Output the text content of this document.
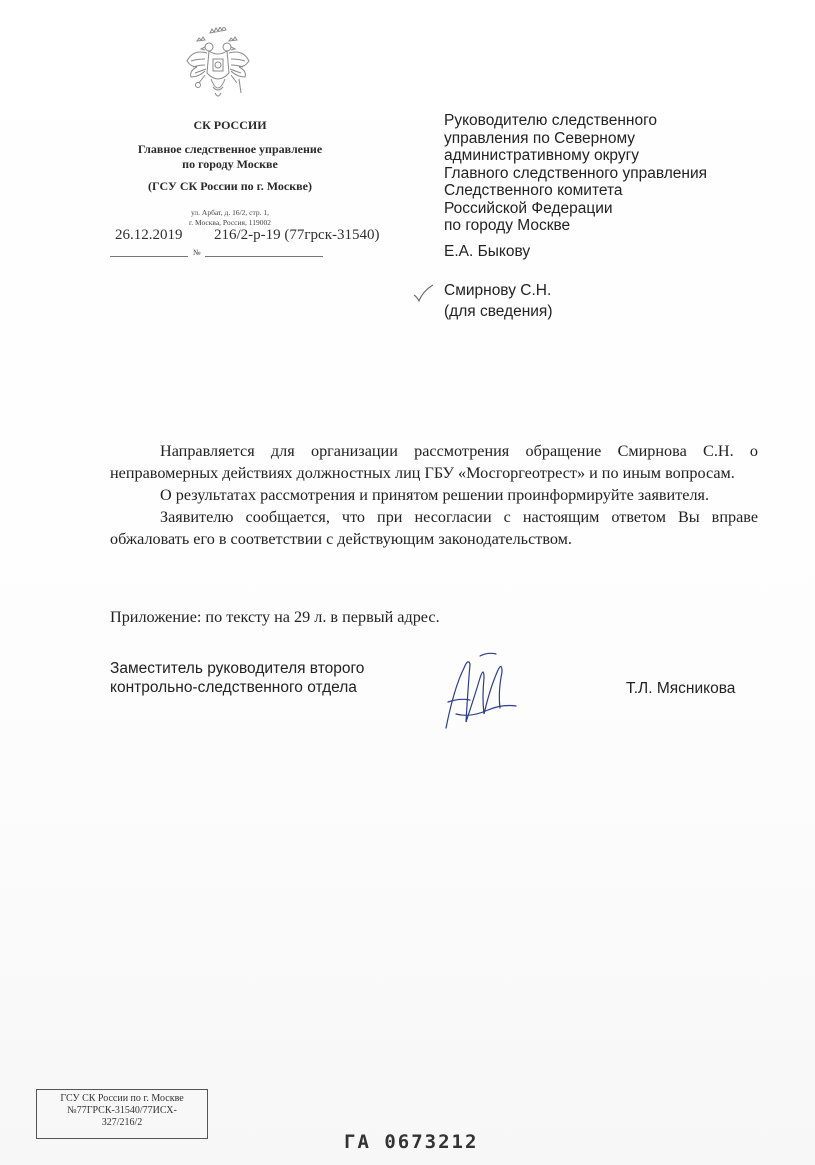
СК РОССИИ
Главное следственное управление
по городу Москве
(ГСУ СК России по г. Москве)
ул. Арбат, д. 16/2, стр. 1,
г. Москва, Россия, 119002
26.12.2019 216/2-р-19 (77грск-31540)
№
Руководителю следственного
управления по Северному
административному округу
Главного следственного управления
Следственного комитета
Российской Федерации
по городу Москве
Е.А. Быкову
Смирнову С.Н.
(для сведения)

Направляется для организации рассмотрения обращение Смирнова С.Н. о неправомерных действиях должностных лиц ГБУ «Мосгоргеотрест» и по иным вопросам.

О результатах рассмотрения и принятом решении проинформируйте заявителя.

Заявителю сообщается, что при несогласии с настоящим ответом Вы вправе обжаловать его в соответствии с действующим законодательством.

Приложение: по тексту на 29 л. в первый адрес.
Заместитель руководителя второго
контрольно-следственного отдела	Т.Л. Мясникова
ГСУ СК России по г. Москве
№77ГРСК-31540/77ИСХ-
327/216/2
ГА 0673212
